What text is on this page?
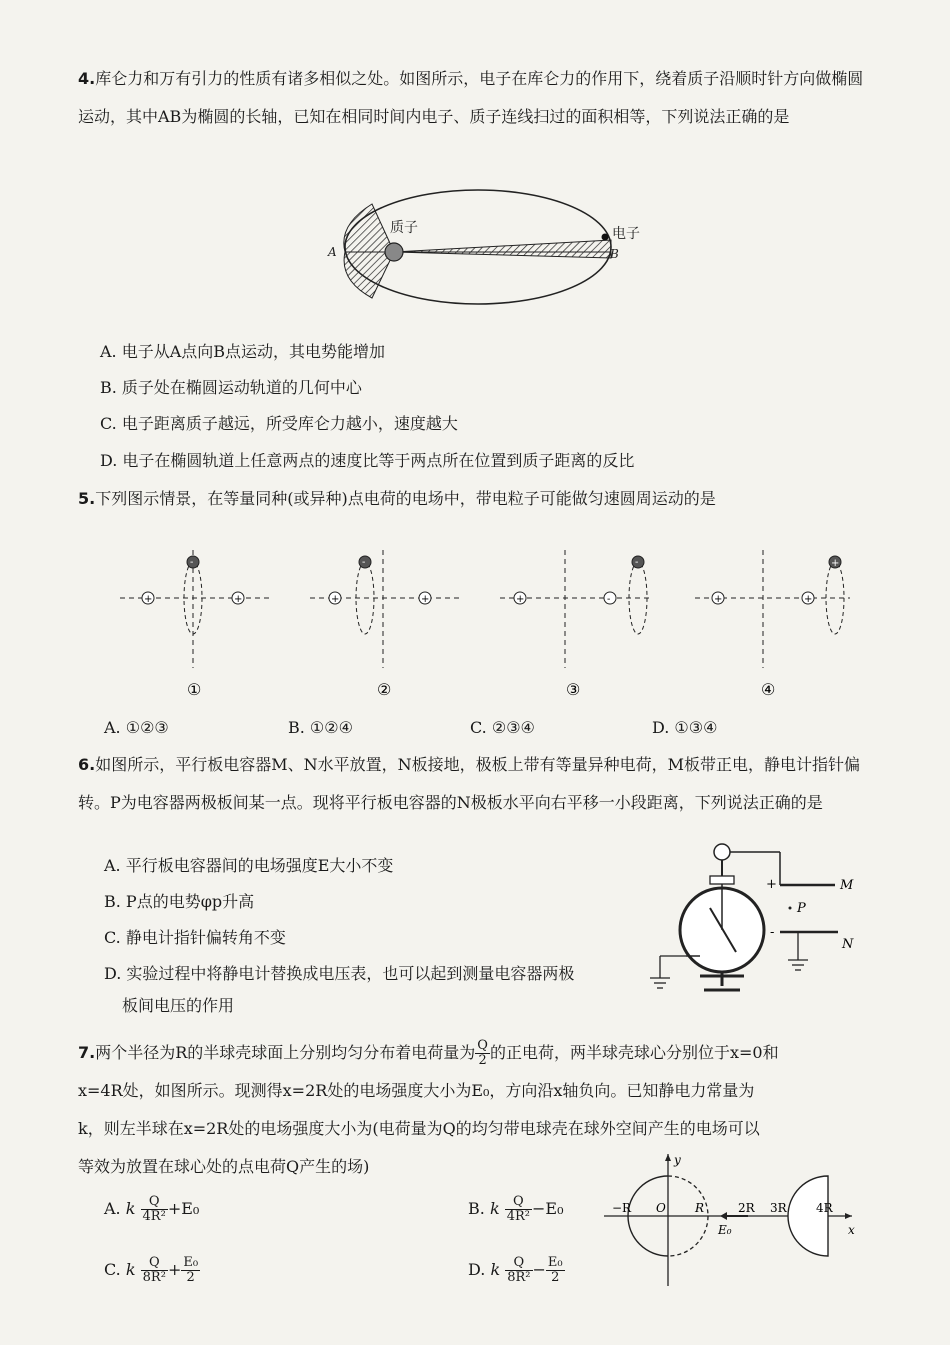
4.库仑力和万有引力的性质有诸多相似之处。如图所示，电子在库仑力的作用下，绕着质子沿顺时针方向做椭圆运动，其中AB为椭圆的长轴，已知在相同时间内电子、质子连线扫过的面积相等，下列说法正确的是

质子	电子
A	B
A. 电子从A点向B点运动，其电势能增加
B. 质子处在椭圆运动轨道的几何中心
C. 电子距离质子越远，所受库仑力越小，速度越大
D. 电子在椭圆轨道上任意两点的速度比等于两点所在位置到质子距离的反比

5.下列图示情景，在等量同种(或异种)点电荷的电场中，带电粒子可能做匀速圆周运动的是

+	+
-
①
+	+
-
②
+	-
-
③
+	+
+
④
A. ①②③	B. ①②④	C. ②③④	D. ①③④

6.如图所示，平行板电容器M、N水平放置，N板接地，极板上带有等量异种电荷，M板带正电，静电计指针偏转。P为电容器两极板间某一点。现将平行板电容器的N极板水平向右平移一小段距离，下列说法正确的是

A. 平行板电容器间的电场强度E大小不变
B. P点的电势φp升高
C. 静电计指针偏转角不变
D. 实验过程中将静电计替换成电压表，也可以起到测量电容器两极
板间电压的作用
M
+
P
N
-

7.两个半径为R的半球壳球面上分别均匀分布着电荷量为 $\frac{Q}{2}$ 的正电荷，两半球壳球心分别位于x=0和

x=4R处，如图所示。现测得x=2R处的电场强度大小为E₀，方向沿x轴负向。已知静电力常量为

k，则左半球在x=2R处的电场强度大小为(电荷量为Q的均匀带电球壳在球外空间产生的电场可以

等效为放置在球心处的点电荷Q产生的场)

A. k $\frac{Q}{\text{4R²}} +E_0$	B. k $\frac{Q}{\text{4R²}} -E_0$
C. k $\frac{Q}{\text{8R²}} + \frac{\text{E₀}}{2}$	D. k $\frac{Q}{\text{8R²}} - \frac{\text{E₀}}{2}$
E₀
y
x
−R O R	2R 3R 4R
